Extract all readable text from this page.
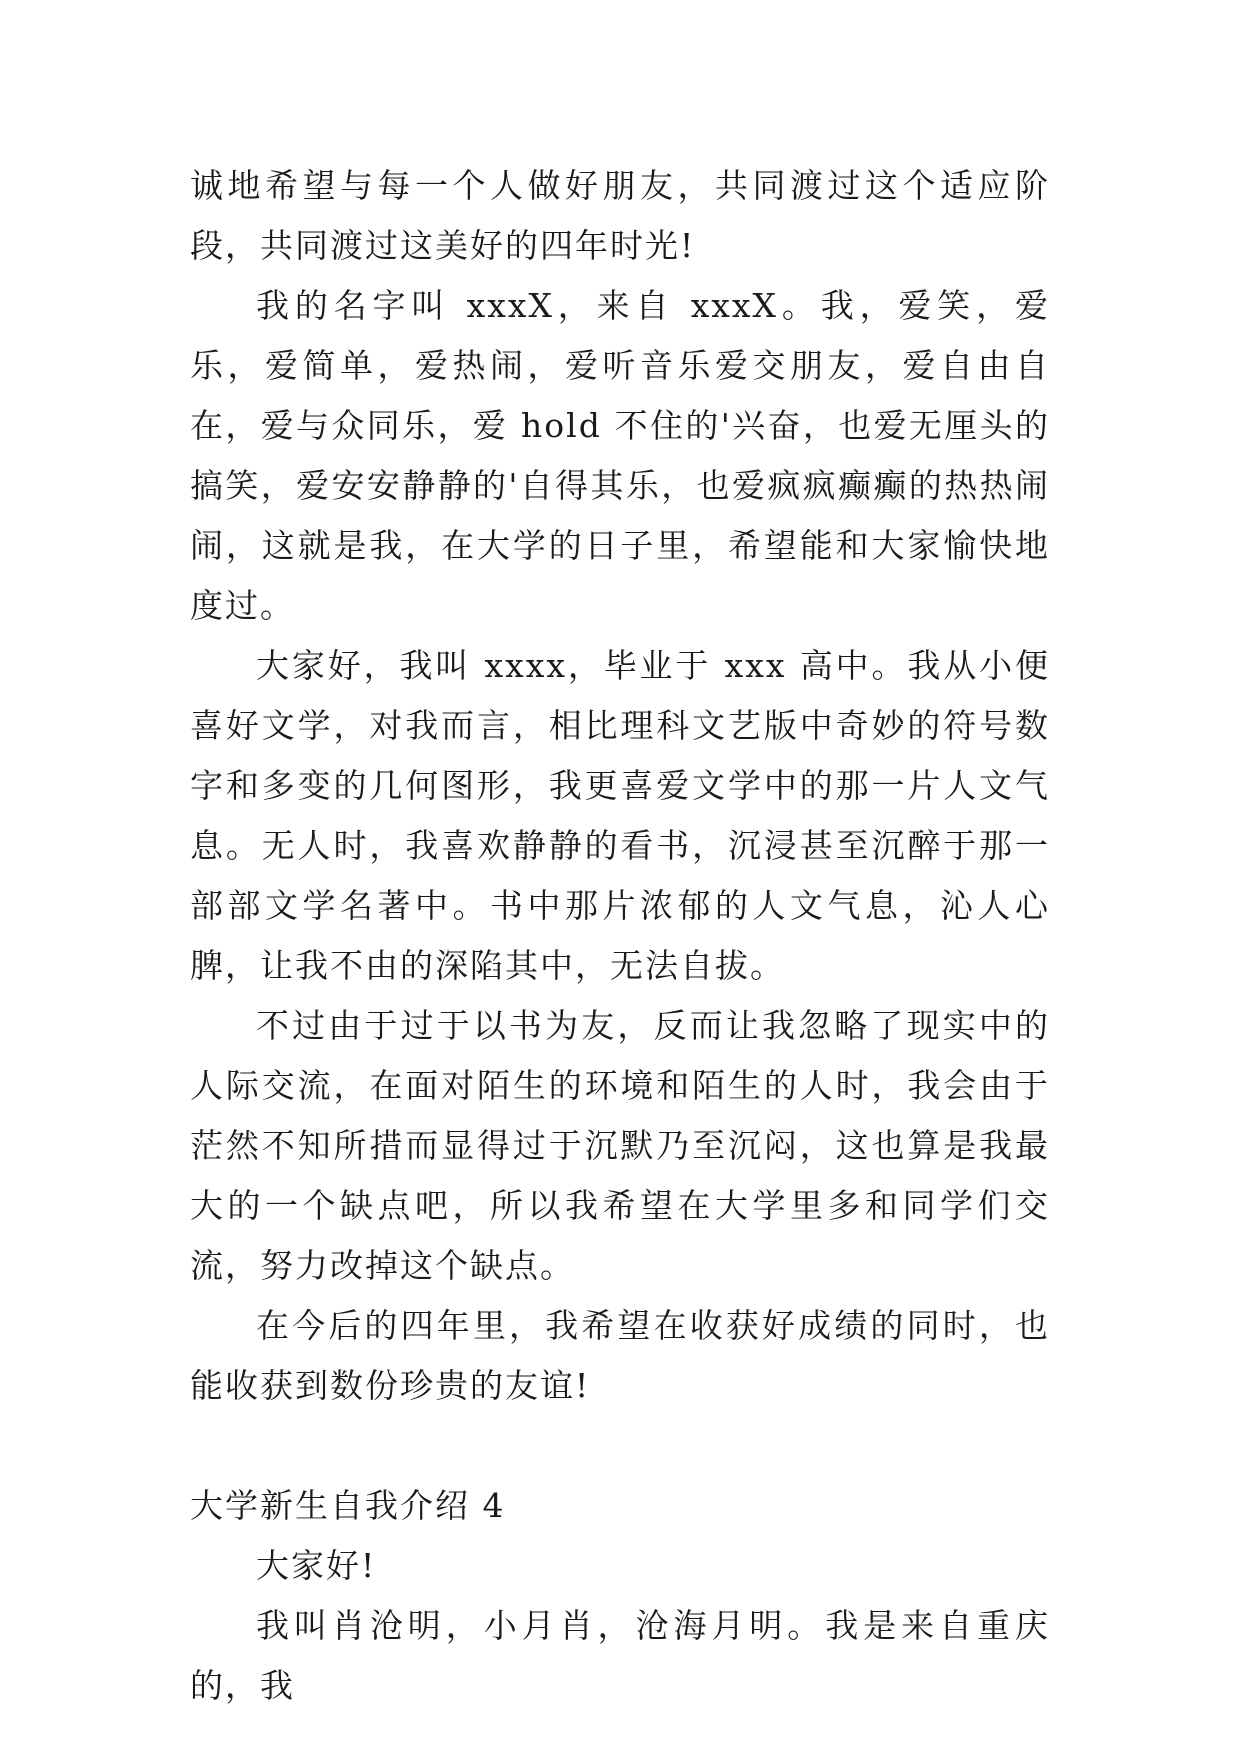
诚地希望与每一个人做好朋友，共同渡过这个适应阶段，共同渡过这美好的四年时光!

我的名字叫 xxxX，来自 xxxX。我，爱笑，爱乐，爱简单，爱热闹，爱听音乐爱交朋友，爱自由自在，爱与众同乐，爱 hold 不住的'兴奋，也爱无厘头的搞笑，爱安安静静的'自得其乐，也爱疯疯癫癫的热热闹闹，这就是我，在大学的日子里，希望能和大家愉快地度过。

大家好，我叫 xxxx，毕业于 xxx 高中。我从小便喜好文学，对我而言，相比理科文艺版中奇妙的符号数字和多变的几何图形，我更喜爱文学中的那一片人文气息。无人时，我喜欢静静的看书，沉浸甚至沉醉于那一部部文学名著中。书中那片浓郁的人文气息，沁人心脾，让我不由的深陷其中，无法自拔。

不过由于过于以书为友，反而让我忽略了现实中的人际交流，在面对陌生的环境和陌生的人时，我会由于茫然不知所措而显得过于沉默乃至沉闷，这也算是我最大的一个缺点吧，所以我希望在大学里多和同学们交流，努力改掉这个缺点。

在今后的四年里，我希望在收获好成绩的同时，也能收获到数份珍贵的友谊!

大学新生自我介绍 4

大家好!

我叫肖沧明，小月肖，沧海月明。我是来自重庆的，我
